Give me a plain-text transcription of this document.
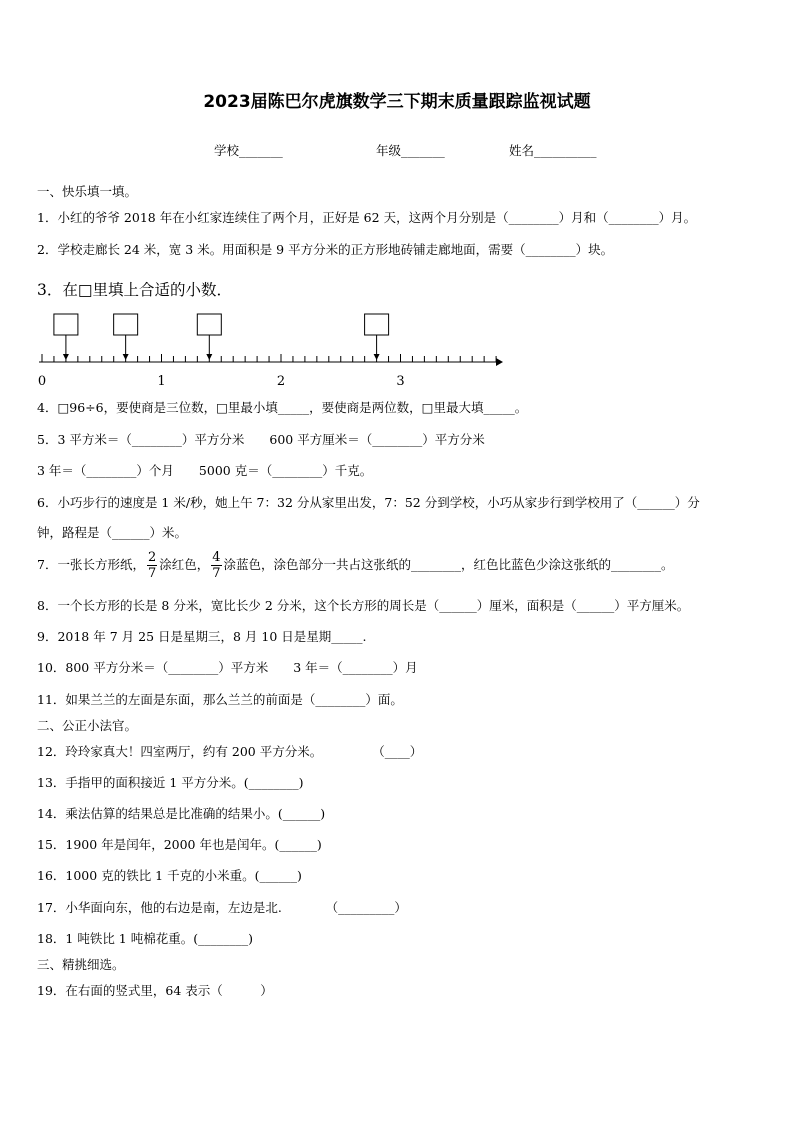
2023届陈巴尔虎旗数学三下期末质量跟踪监视试题
学校_______	年级_______	姓名__________
一、快乐填一填。
1．小红的爷爷 2018 年在小红家连续住了两个月，正好是 62 天，这两个月分别是（________）月和（________）月。
2．学校走廊长 24 米，宽 3 米。用面积是 9 平方分米的正方形地砖铺走廊地面，需要（________）块。
3．在□里填上合适的小数．
0	1	2	3
4．□96÷6，要使商是三位数，□里最小填_____，要使商是两位数，□里最大填_____。
5．3 平方米＝（________）平方分米　　600 平方厘米＝（________）平方分米
3 年＝（________）个月　　5000 克＝（________）千克。
6．小巧步行的速度是 1 米/秒，她上午 7：32 分从家里出发，7：52 分到学校，小巧从家步行到学校用了（______）分
钟，路程是（______）米。
7．一张长方形纸， $\frac{2}{7}$ 涂红色， $\frac{4}{7}$ 涂蓝色，涂色部分一共占这张纸的________，红色比蓝色少涂这张纸的________。
8．一个长方形的长是 8 分米，宽比长少 2 分米，这个长方形的周长是（______）厘米，面积是（______）平方厘米。
9．2018 年 7 月 25 日是星期三，8 月 10 日是星期_____.
10．800 平方分米＝（________）平方米　　3 年＝（________）月
11．如果兰兰的左面是东面，那么兰兰的前面是（________）面。
二、公正小法官。
12．玲玲家真大！四室两厅，约有 200 平方分米。　　　　　（____）
13．手指甲的面积接近 1 平方分米。(________)
14．乘法估算的结果总是比准确的结果小。(______)
15．1900 年是闰年，2000 年也是闰年。(______)
16．1000 克的铁比 1 千克的小米重。(______)
17．小华面向东，他的右边是南，左边是北.　　　　（_________）
18．1 吨铁比 1 吨棉花重。(________)
三、精挑细选。
19．在右面的竖式里，64 表示（　　　）
